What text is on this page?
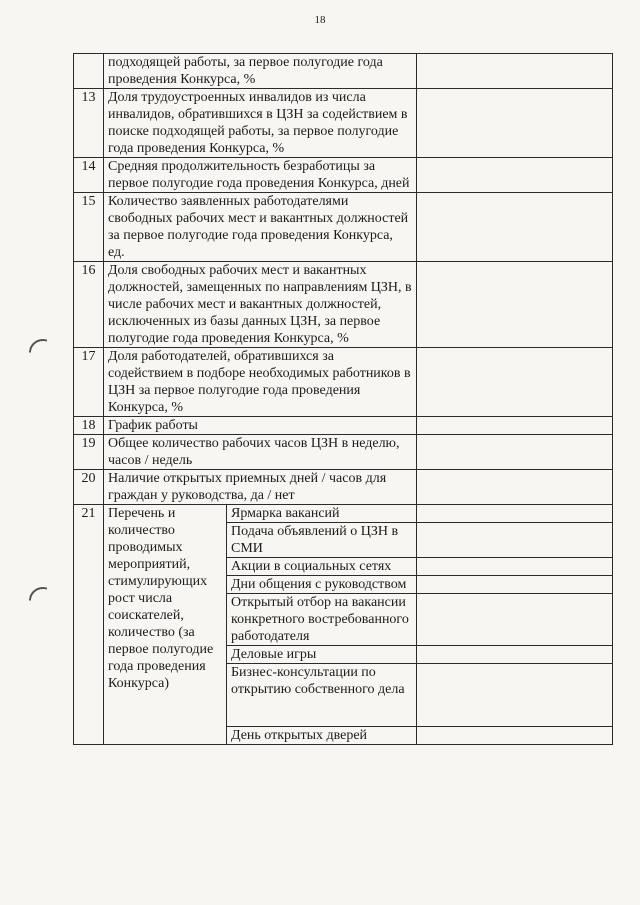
18
	подходящей работы, за первое полугодие года проведения Конкурса, %		
13	Доля трудоустроенных инвалидов из числа инвалидов, обратившихся в ЦЗН за содействием в поиске подходящей работы, за первое полугодие года проведения Конкурса, %		
14	Средняя продолжительность безработицы за первое полугодие года проведения Конкурса, дней		
15	Количество заявленных работодателями свободных рабочих мест и вакантных должностей за первое полугодие года проведения Конкурса, ед.		
16	Доля свободных рабочих мест и вакантных должностей, замещенных по направлениям ЦЗН, в числе рабочих мест и вакантных должностей, исключенных из базы данных ЦЗН, за первое полугодие года проведения Конкурса, %		
17	Доля работодателей, обратившихся за содействием в подборе необходимых работников в ЦЗН за первое полугодие года проведения Конкурса, %		
18	График работы		
19	Общее количество рабочих часов ЦЗН в неделю, часов / недель		
20	Наличие открытых приемных дней / часов для граждан у руководства, да / нет		
21	Перечень и количество проводимых мероприятий, стимулирующих рост числа соискателей, количество (за первое полугодие года проведения Конкурса)	Ярмарка вакансий	
		Подача объявлений о ЦЗН в СМИ	
		Акции в социальных сетях	
		Дни общения с руководством	
		Открытый отбор на вакансии конкретного востребованного работодателя	
		Деловые игры	
		Бизнес-консультации по открытию собственного дела	
		День открытых дверей	
